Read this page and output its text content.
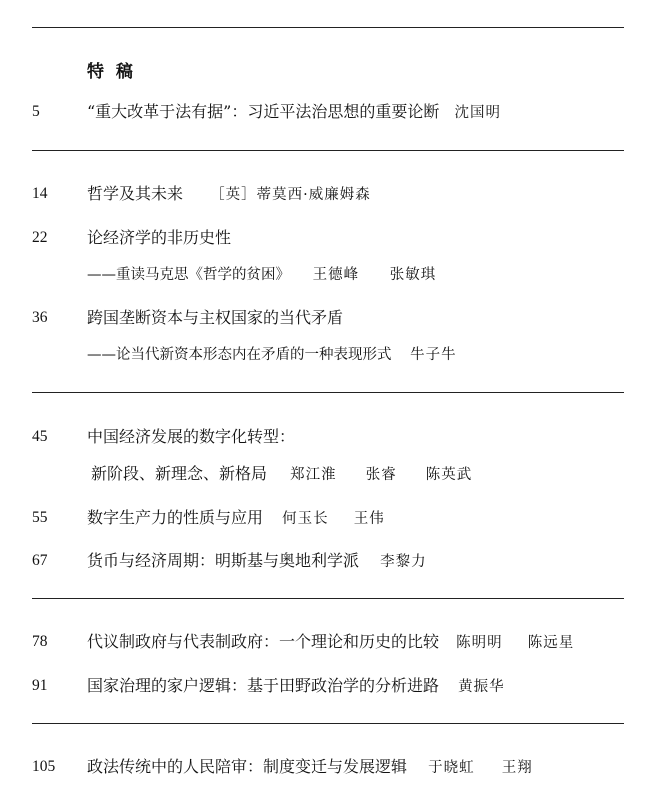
特 稿
5	“重大改革于法有据”：习近平法治思想的重要论断 沈国明
14 哲学及其未来 ［英］蒂莫西·威廉姆森
22 论经济学的非历史性
——重读马克思《哲学的贫困》 王德峰 张敏琪
36 跨国垄断资本与主权国家的当代矛盾
——论当代新资本形态内在矛盾的一种表现形式 牛子牛
45 中国经济发展的数字化转型：
新阶段、新理念、新格局 郑江淮 张睿 陈英武
55 数字生产力的性质与应用 何玉长 王伟
67 货币与经济周期：明斯基与奥地利学派 李黎力
78 代议制政府与代表制政府：一个理论和历史的比较 陈明明 陈远星
91 国家治理的家户逻辑：基于田野政治学的分析进路 黄振华
105 政法传统中的人民陪审：制度变迁与发展逻辑 于晓虹 王翔
